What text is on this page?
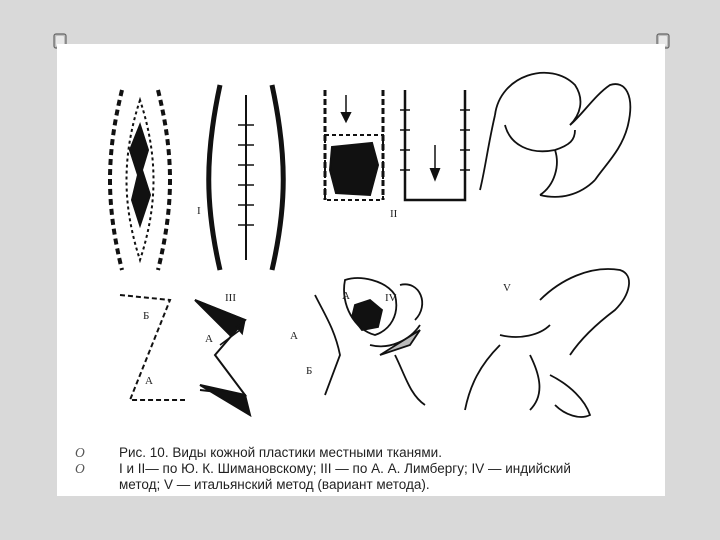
I	II
III	IV
V
Б
А
А
А
А
Б
O	Рис. 10. Виды кожной пластики местными тканями.
O	I и II— по Ю. К. Шимановскому; III — по А. А. Лимбергу; IV — индийский
метод; V — итальянский метод (вариант метода).
